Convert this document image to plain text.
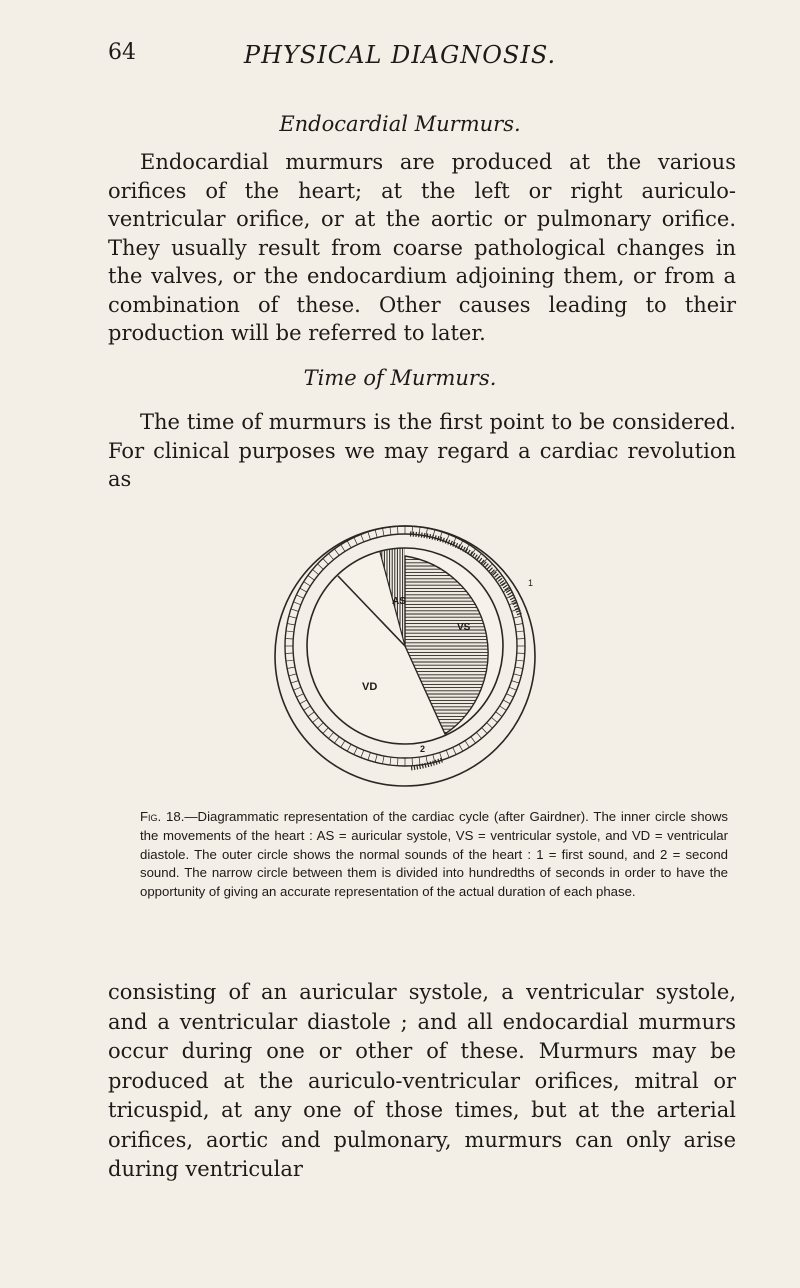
64	PHYSICAL DIAGNOSIS.
Endocardial Murmurs.

Endocardial murmurs are produced at the various orifices of the heart; at the left or right auriculo-ventricular orifice, or at the aortic or pulmonary orifice. They usually result from coarse pathological changes in the valves, or the endocardium adjoining them, or from a combination of these. Other causes leading to their production will be referred to later.

Time of Murmurs.

The time of murmurs is the first point to be considered. For clinical purposes we may regard a cardiac revolution as

AS
VS
VD
1
2

Fig. 18.—Diagrammatic representation of the cardiac cycle (after Gairdner). The inner circle shows the movements of the heart : AS = auricular systole, VS = ventricular systole, and VD = ventricular diastole. The outer circle shows the normal sounds of the heart : 1 = first sound, and 2 = second sound. The narrow circle between them is divided into hundredths of seconds in order to have the opportunity of giving an accurate representation of the actual duration of each phase.

consisting of an auricular systole, a ventricular systole, and a ventricular diastole ; and all endocardial murmurs occur during one or other of these. Murmurs may be produced at the auriculo-ventricular orifices, mitral or tricuspid, at any one of those times, but at the arterial orifices, aortic and pulmonary, murmurs can only arise during ventricular
